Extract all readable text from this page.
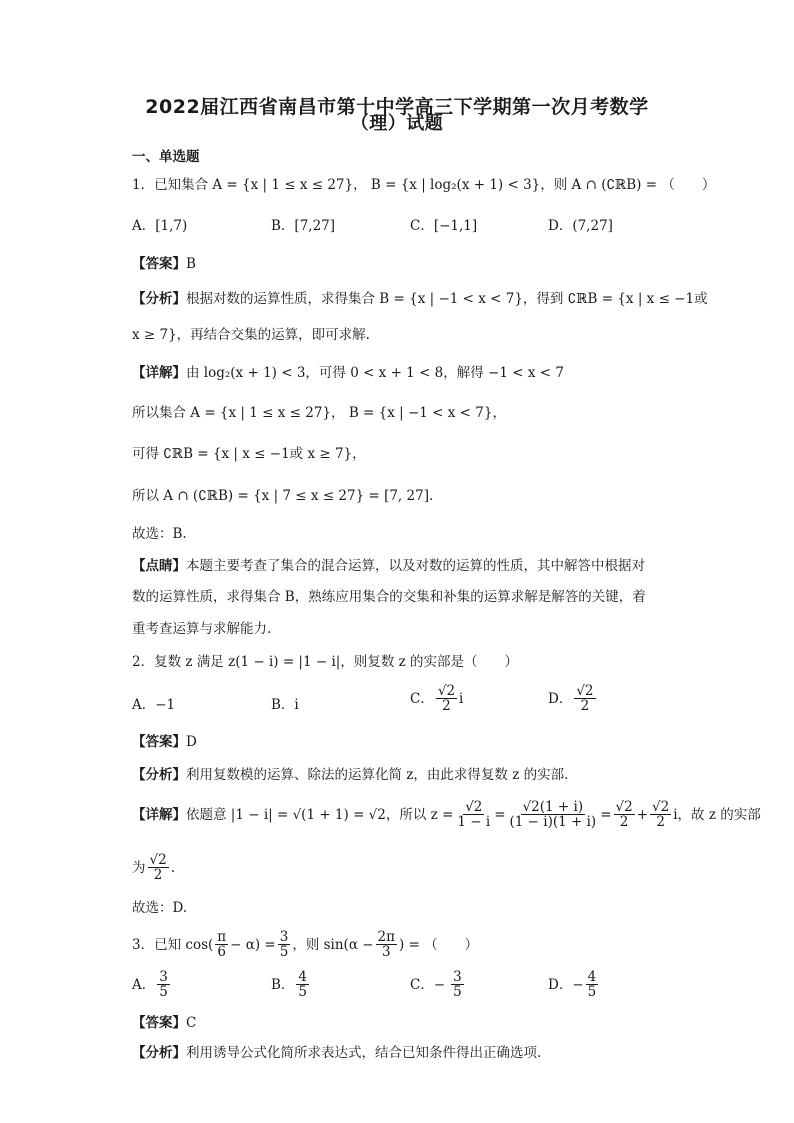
2022届江西省南昌市第十中学高三下学期第一次月考数学
（理）试题
一、单选题
1．已知集合 A = {x | 1 ≤ x ≤ 27}， B = {x | log₂(x + 1) < 3}，则 A ∩ (∁ℝB) = （　　）
A．[1,7)	B．[7,27]	C．[−1,1]	D．(7,27]
【答案】B
【分析】根据对数的运算性质，求得集合 B = {x | −1 < x < 7}，得到 ∁ℝB = {x | x ≤ −1或
x ≥ 7}，再结合交集的运算，即可求解.
【详解】由 log₂(x + 1) < 3，可得 0 < x + 1 < 8，解得 −1 < x < 7
所以集合 A = {x | 1 ≤ x ≤ 27}， B = {x | −1 < x < 7}，
可得 ∁ℝB = {x | x ≤ −1或 x ≥ 7}，
所以 A ∩ (∁ℝB) = {x | 7 ≤ x ≤ 27} = [7, 27].
故选：B.
【点睛】本题主要考查了集合的混合运算，以及对数的运算的性质，其中解答中根据对
数的运算性质，求得集合 B，熟练应用集合的交集和补集的运算求解是解答的关键，着
重考查运算与求解能力.
2．复数 z 满足 z(1 − i) = |1 − i|，则复数 z 的实部是（　　）
A．−1	B．i	C． $\frac{√2}{2}$ i	D． $\frac{√2}{2}$
【答案】D
【分析】利用复数模的运算、除法的运算化简 z，由此求得复数 z 的实部.
【详解】 依题意 |1 − i| = √(1 + 1) = √2，所以 $z = \frac{√2}{1 - i} = \frac{√2(1 + i)}{(1 - i)(1 + i)} = \frac{√2}{2} + \frac{√2}{2}$ i，故 z 的实部
为 $\frac{√2}{2}$ .
故选：D.
3．已知 $\cos( \frac{\pi}{6} - \alpha) = \frac{3}{5}$ ，则 $\sin(\alpha - \frac{2\pi}{3}$ ) = （　　）
A． $\frac{3}{5}$	B． $\frac{4}{5}$	C． − $\frac{3}{5}$	D． − $\frac{4}{5}$
【答案】C
【分析】利用诱导公式化简所求表达式，结合已知条件得出正确选项.
